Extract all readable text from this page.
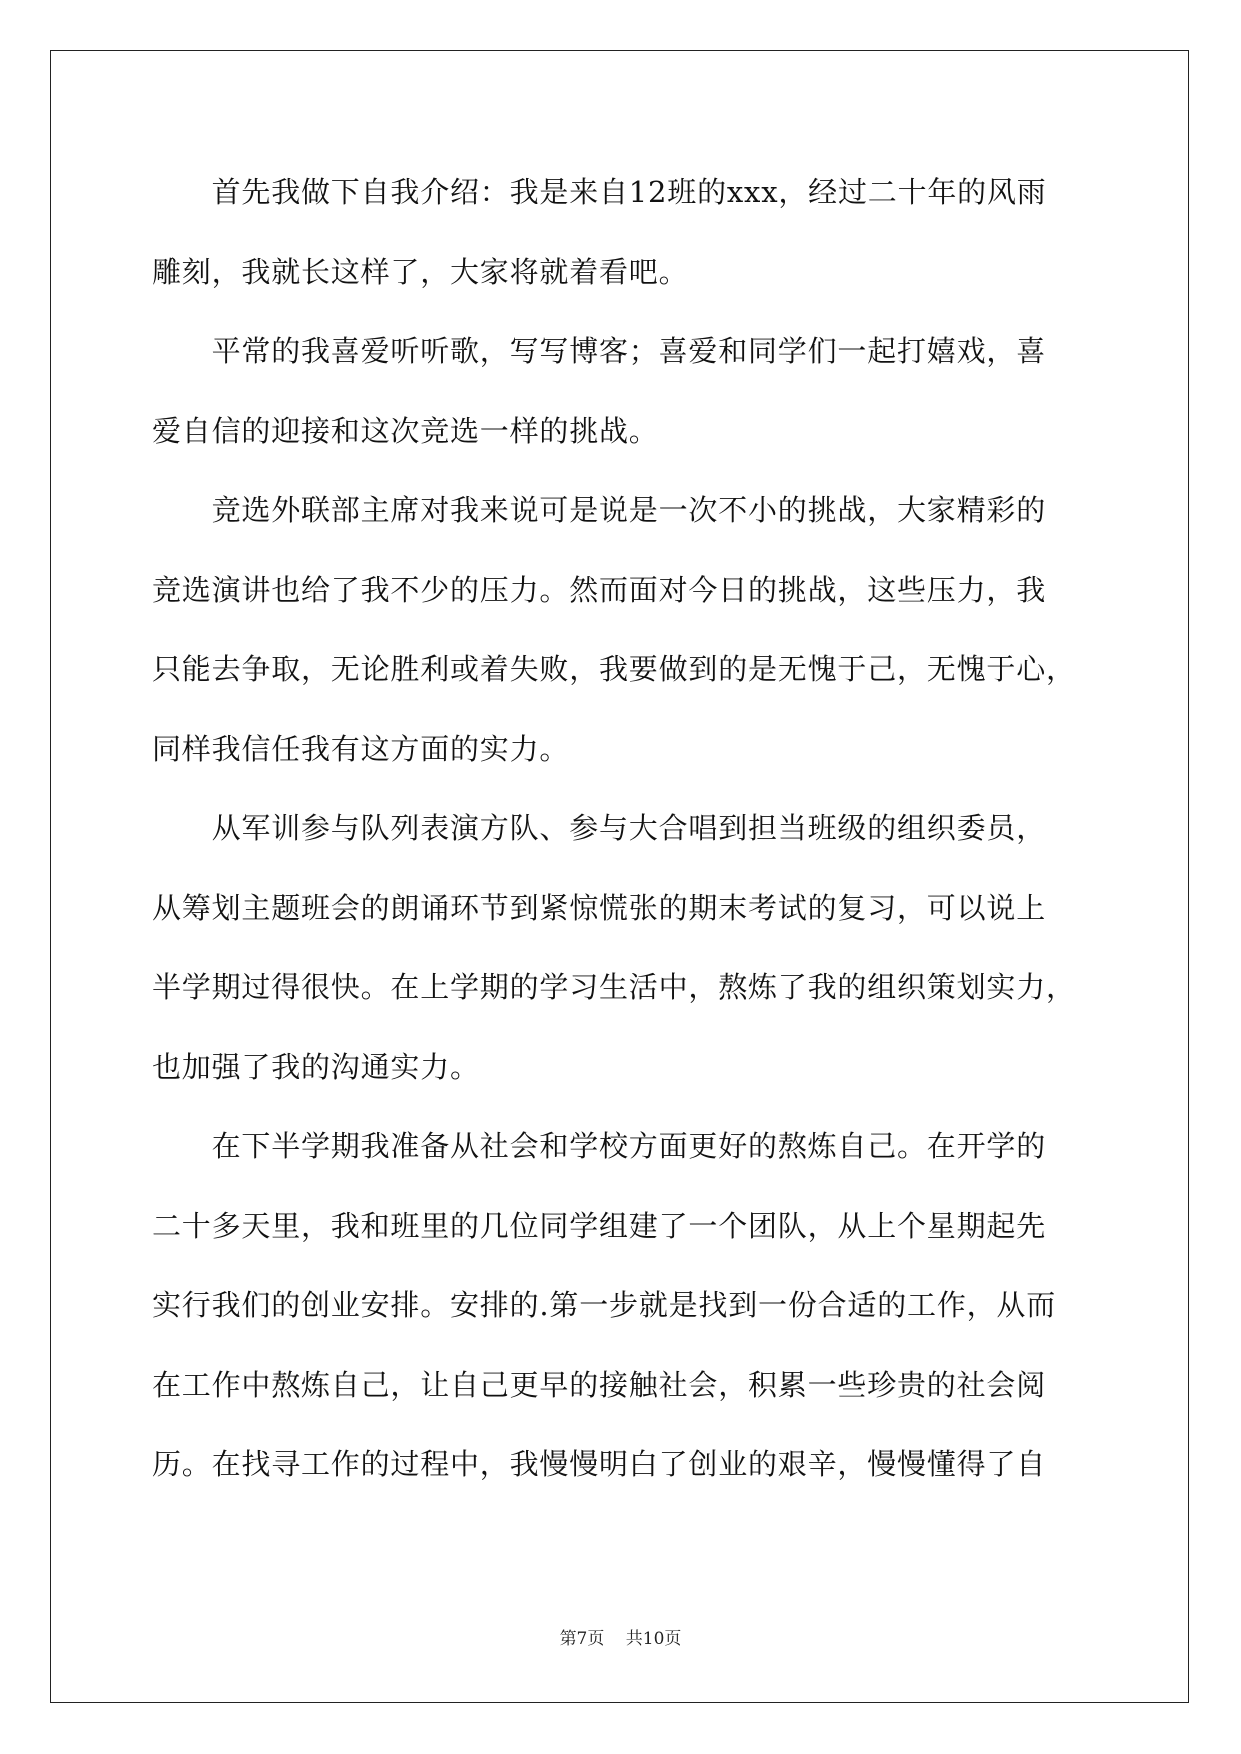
　　首先我做下自我介绍：我是来自12班的xxx，经过二十年的风雨
雕刻，我就长这样了，大家将就着看吧。
　　平常的我喜爱听听歌，写写博客；喜爱和同学们一起打嬉戏，喜
爱自信的迎接和这次竞选一样的挑战。
　　竞选外联部主席对我来说可是说是一次不小的挑战，大家精彩的
竞选演讲也给了我不少的压力。然而面对今日的挑战，这些压力，我
只能去争取，无论胜利或着失败，我要做到的是无愧于己，无愧于心，
同样我信任我有这方面的实力。
　　从军训参与队列表演方队、参与大合唱到担当班级的组织委员，
从筹划主题班会的朗诵环节到紧惊慌张的期末考试的复习，可以说上
半学期过得很快。在上学期的学习生活中，熬炼了我的组织策划实力，
也加强了我的沟通实力。
　　在下半学期我准备从社会和学校方面更好的熬炼自己。在开学的
二十多天里，我和班里的几位同学组建了一个团队，从上个星期起先
实行我们的创业安排。安排的.第一步就是找到一份合适的工作，从而
在工作中熬炼自己，让自己更早的接触社会，积累一些珍贵的社会阅
历。在找寻工作的过程中，我慢慢明白了创业的艰辛，慢慢懂得了自
第7页 共10页
